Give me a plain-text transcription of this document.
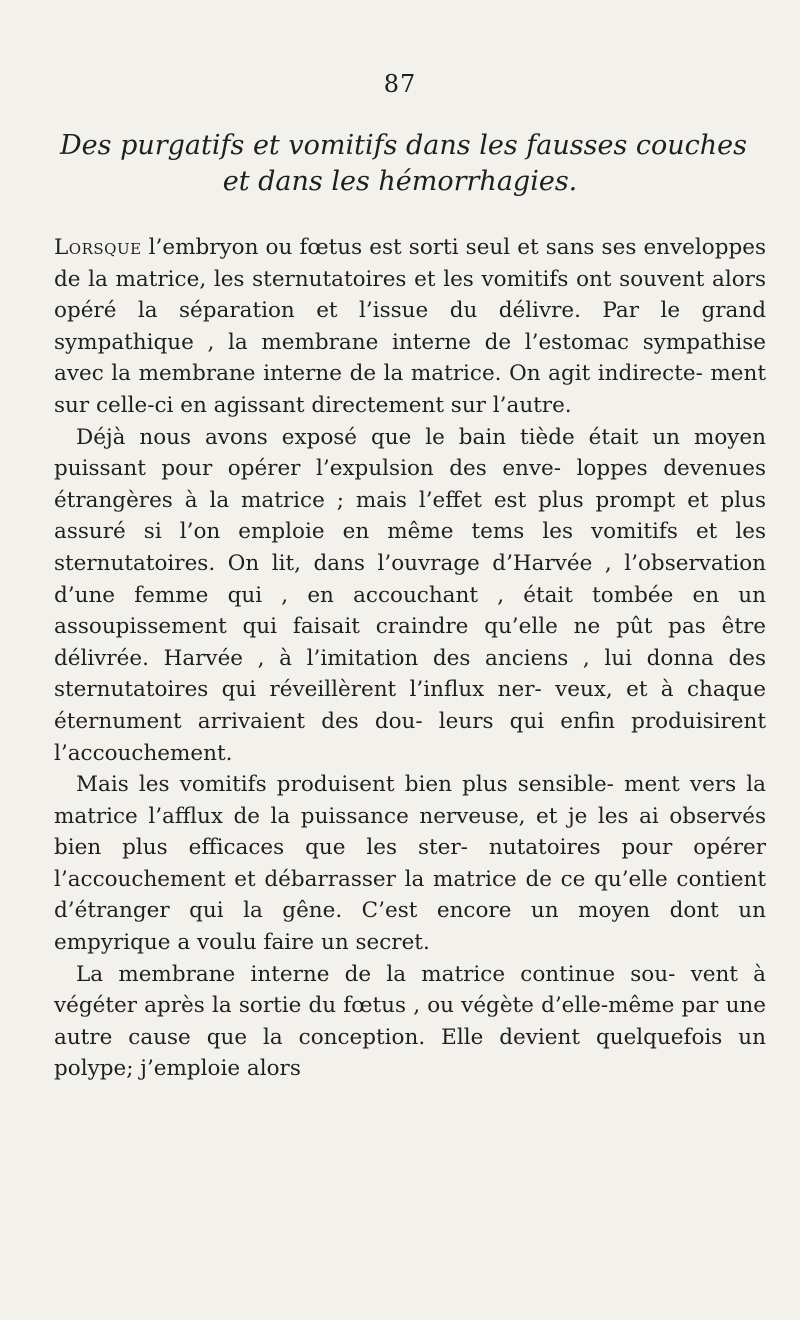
87
Des purgatifs et vomitifs dans les fausses couches
et dans les hémorrhagies.

Lorsque l’embryon ou fœtus est sorti seul et sans ses enveloppes de la matrice, les sternutatoires et les vomitifs ont souvent alors opéré la séparation et l’issue du délivre. Par le grand sympathique , la membrane interne de l’estomac sympathise avec la membrane interne de la matrice. On agit indirecte- ment sur celle-ci en agissant directement sur l’autre.

Déjà nous avons exposé que le bain tiède était un moyen puissant pour opérer l’expulsion des enve- loppes devenues étrangères à la matrice ; mais l’effet est plus prompt et plus assuré si l’on emploie en même tems les vomitifs et les sternutatoires. On lit, dans l’ouvrage d’Harvée , l’observation d’une femme qui , en accouchant , était tombée en un assoupissement qui faisait craindre qu’elle ne pût pas être délivrée. Harvée , à l’imitation des anciens , lui donna des sternutatoires qui réveillèrent l’influx ner- veux, et à chaque éternument arrivaient des dou- leurs qui enfin produisirent l’accouchement.

Mais les vomitifs produisent bien plus sensible- ment vers la matrice l’afflux de la puissance nerveuse, et je les ai observés bien plus efficaces que les ster- nutatoires pour opérer l’accouchement et débarrasser la matrice de ce qu’elle contient d’étranger qui la gêne. C’est encore un moyen dont un empyrique a voulu faire un secret.

La membrane interne de la matrice continue sou- vent à végéter après la sortie du fœtus , ou végète d’elle-même par une autre cause que la conception. Elle devient quelquefois un polype; j’emploie alors
